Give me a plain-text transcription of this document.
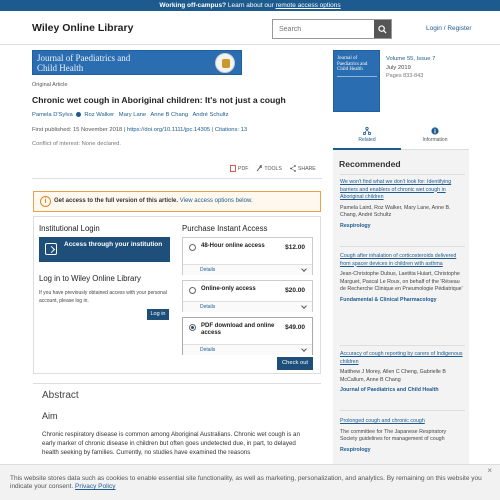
Working off-campus? Learn about our remote access options
Wiley Online Library
Search	Login / Register
Journal of Paediatrics and
Child Health
Original Article
Chronic wet cough in Aboriginal children: It's not just a cough
Pamela D'Sylva Roz Walker Mary Lane Anne B Chang André Schultz
First published: 15 November 2018 | https://doi.org/10.1111/jpc.14305 | Citations: 13
Conflict of interest: None declared.
PDF	TOOLS	SHARE
i	Get access to the full version of this article. View access options below.
Institutional Login
Access through your institution
Log in to Wiley Online Library
If you have previously obtained access with your personal account, please log in.
Log in
Purchase Instant Access
48-Hour online access	$12.00
Details
Online-only access	$20.00
Details
PDF download and online access
$49.00
Details
Check out
Abstract
Aim
Chronic respiratory disease is common among Aboriginal Australians. Chronic wet cough is an early marker of chronic disease in children but often goes undetected due, in part, to delayed health seeking by families. Currently, no studies have examined the reasons
Journal of Paediatrics and Child Health
Volume 55, Issue 7
July 2019
Pages 833-843
Related	Information
Recommended
We won't find what we don't look for: Identifying barriers and enablers of chronic wet cough in Aboriginal children
Pamela Laird, Roz Walker, Mary Lane, Anne B. Chang, André Schultz
Respirology
Cough after inhalation of corticosteroids delivered from spacer devices in children with asthma
Jean-Christophe Dubus, Laetitia Huiart, Christophe Marguet, Pascal Le Roux, on behalf of the 'Réseau de Recherche Clinique en Pneumologie Pédiatrique'
Fundamental & Clinical Pharmacology
Accuracy of cough reporting by carers of Indigenous children
Matthew J Morey, Allen C Cheng, Gabrielle B McCallum, Anne B Chang
Journal of Paediatrics and Child Health
Prolonged cough and chronic cough
The committee for The Japanese Respiratory Society guidelines for management of cough
Respirology
This website stores data such as cookies to enable essential site functionality, as well as marketing, personalization, and analytics. By remaining on this website you indicate your consent. Privacy Policy
×
